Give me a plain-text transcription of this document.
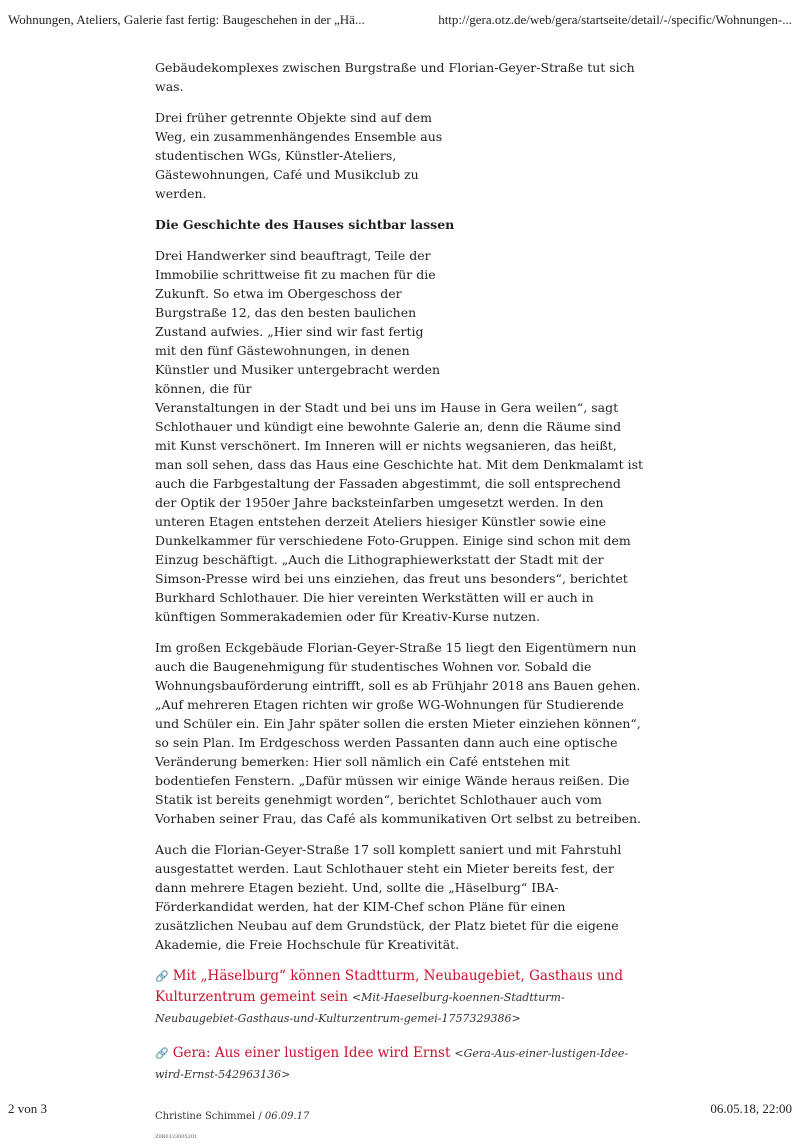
Wohnungen, Ateliers, Galerie fast fertig: Baugeschehen in der „Hä...	http://gera.otz.de/web/gera/startseite/detail/-/specific/Wohnungen-...

Gebäudekomplexes zwischen Burgstraße und Florian-Geyer-Straße tut sich was.

Drei früher getrennte Objekte sind auf dem Weg, ein zusammenhängendes Ensemble aus studentischen WGs, Künstler-Ateliers, Gästewohnungen, Café und Musikclub zu werden.

Die Geschichte des Hauses sichtbar lassen

Drei Handwerker sind beauftragt, Teile der Immobilie schrittweise fit zu machen für die Zukunft. So etwa im Obergeschoss der Burgstraße 12, das den besten baulichen Zustand aufwies. „Hier sind wir fast fertig mit den fünf Gästewohnungen, in denen Künstler und Musiker untergebracht werden können, die für
Veranstaltungen in der Stadt und bei uns im Hause in Gera weilen“, sagt Schlothauer und kündigt eine bewohnte Galerie an, denn die Räume sind mit Kunst verschönert. Im Inneren will er nichts wegsanieren, das heißt, man soll sehen, dass das Haus eine Geschichte hat. Mit dem Denkmalamt ist auch die Farbgestaltung der Fassaden abgestimmt, die soll entsprechend der Optik der 1950er Jahre backsteinfarben umgesetzt werden. In den unteren Etagen entstehen derzeit Ateliers hiesiger Künstler sowie eine Dunkelkammer für verschiedene Foto-Gruppen. Einige sind schon mit dem Einzug beschäftigt. „Auch die Lithographiewerkstatt der Stadt mit der Simson-Presse wird bei uns einziehen, das freut uns besonders“, berichtet Burkhard Schlothauer. Die hier vereinten Werkstätten will er auch in künftigen Sommerakademien oder für Kreativ-Kurse nutzen.

Im großen Eckgebäude Florian-Geyer-Straße 15 liegt den Eigentümern nun auch die Baugenehmigung für studentisches Wohnen vor. Sobald die Wohnungsbauförderung eintrifft, soll es ab Frühjahr 2018 ans Bauen gehen. „Auf mehreren Etagen richten wir große WG-Wohnungen für Studierende und Schüler ein. Ein Jahr später sollen die ersten Mieter einziehen können“, so sein Plan. Im Erdgeschoss werden Passanten dann auch eine optische Veränderung bemerken: Hier soll nämlich ein Café entstehen mit bodentiefen Fenstern. „Dafür müssen wir einige Wände heraus reißen. Die Statik ist bereits genehmigt worden“, berichtet Schlothauer auch vom Vorhaben seiner Frau, das Café als kommunikativen Ort selbst zu betreiben.

Auch die Florian-Geyer-Straße 17 soll komplett saniert und mit Fahrstuhl ausgestattet werden. Laut Schlothauer steht ein Mieter bereits fest, der dann mehrere Etagen bezieht. Und, sollte die „Häselburg“ IBA-Förderkandidat werden, hat der KIM-Chef schon Pläne für einen zusätzlichen Neubau auf dem Grundstück, der Platz bietet für die eigene Akademie, die Freie Hochschule für Kreativität.

🔗 Mit „Häselburg“ können Stadtturm, Neubaugebiet, Gasthaus und Kulturzentrum gemeint sein <Mit-Haeselburg-koennen-Stadtturm-Neubaugebiet-Gasthaus-und-Kulturzentrum-gemei-1757329386>
🔗 Gera: Aus einer lustigen Idee wird Ernst <Gera-Aus-einer-lustigen-Idee-wird-Ernst-542963136>
Christine Schimmel / 06.09.17
Z0R0133005201
2 von 3	06.05.18, 22:00
